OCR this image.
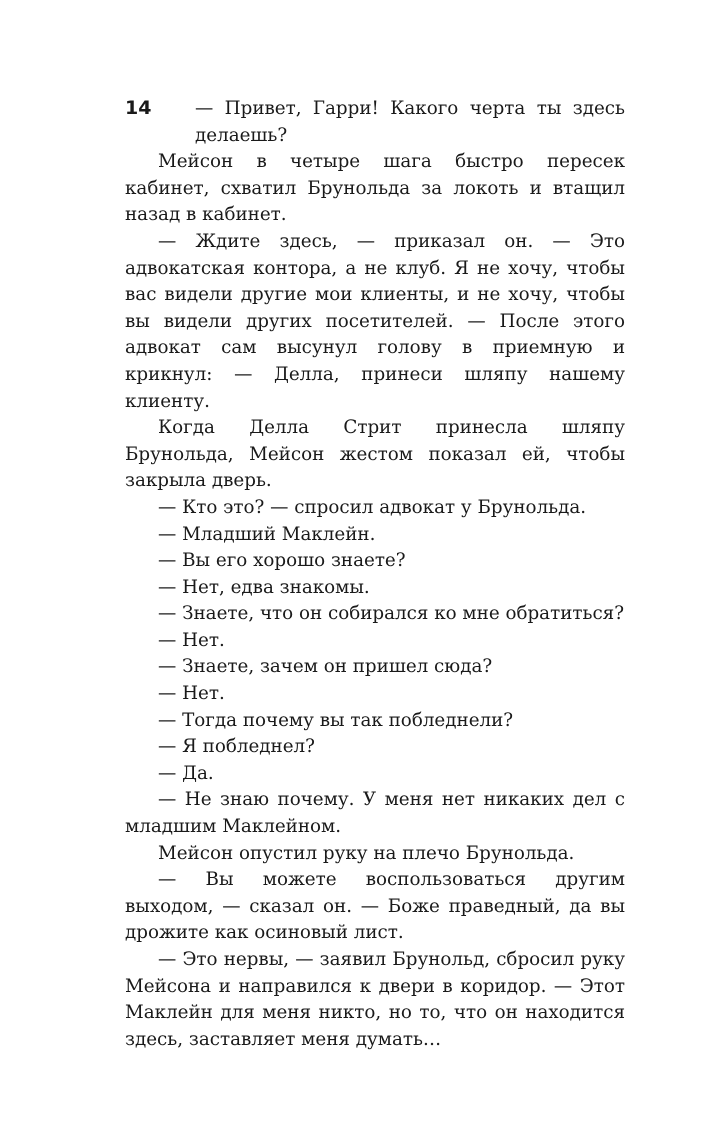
14	— Привет, Гарри! Какого черта ты здесь делаешь?

Мейсон в четыре шага быстро пересек кабинет, схватил Брунольда за локоть и втащил назад в кабинет.

— Ждите здесь, — приказал он. — Это адвокатская контора, а не клуб. Я не хочу, чтобы вас видели другие мои клиенты, и не хочу, чтобы вы видели других посетителей. — После этого адвокат сам высунул голову в приемную и крикнул: — Делла, принеси шляпу нашему клиенту.

Когда Делла Стрит принесла шляпу Брунольда, Мейсон жестом показал ей, чтобы закрыла дверь.

— Кто это? — спросил адвокат у Брунольда.

— Младший Маклейн.

— Вы его хорошо знаете?

— Нет, едва знакомы.

— Знаете, что он собирался ко мне обратиться?

— Нет.

— Знаете, зачем он пришел сюда?

— Нет.

— Тогда почему вы так побледнели?

— Я побледнел?

— Да.

— Не знаю почему. У меня нет никаких дел с младшим Маклейном.

Мейсон опустил руку на плечо Брунольда.

— Вы можете воспользоваться другим выходом, — сказал он. — Боже праведный, да вы дрожите как осиновый лист.

— Это нервы, — заявил Брунольд, сбросил руку Мейсона и направился к двери в коридор. — Этот Маклейн для меня никто, но то, что он находится здесь, заставляет меня думать…
